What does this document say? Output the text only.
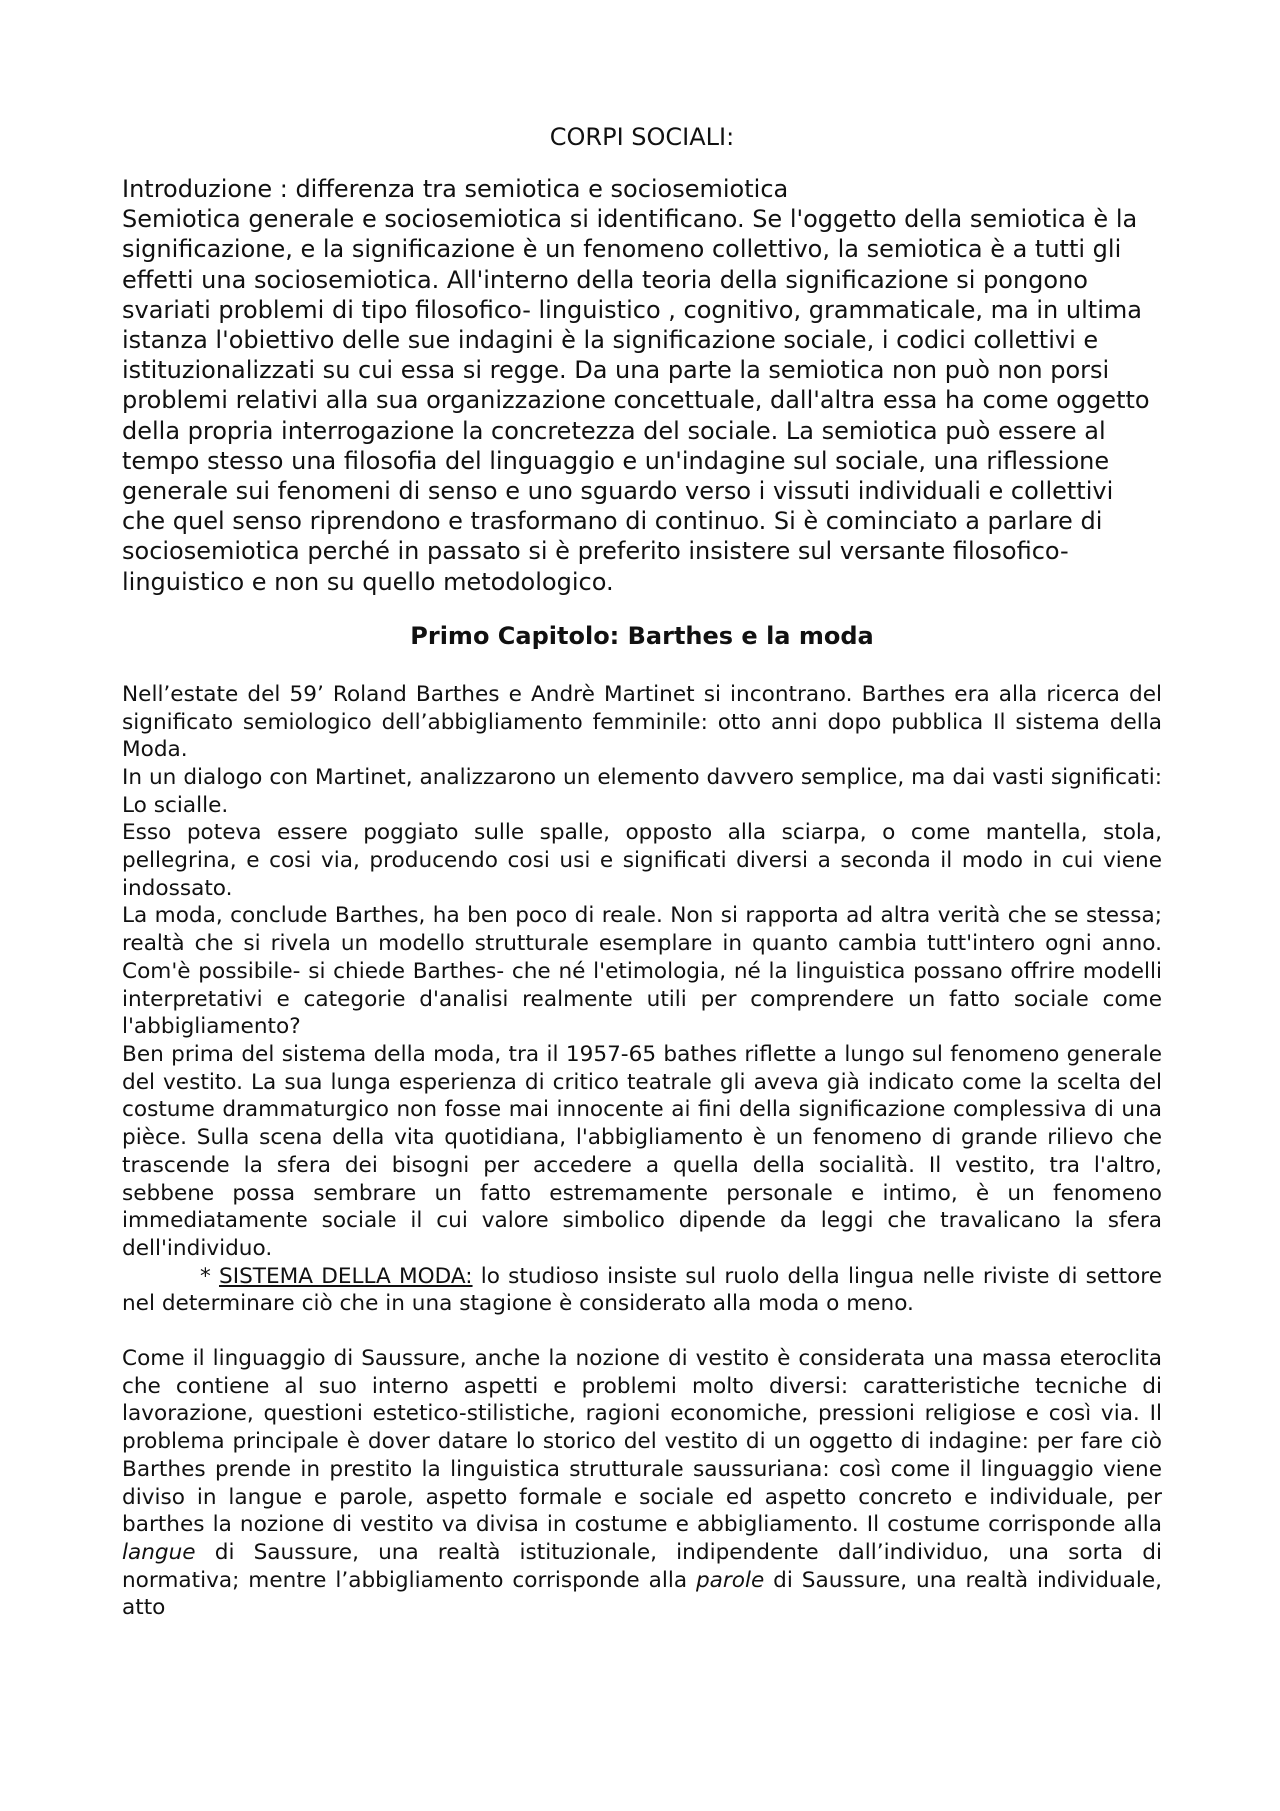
CORPI SOCIALI:

Introduzione : differenza tra semiotica e sociosemiotica

Semiotica generale e sociosemiotica si identificano. Se l'oggetto della semiotica è la significazione, e la significazione è un fenomeno collettivo, la semiotica è a tutti gli effetti una sociosemiotica. All'interno della teoria della significazione si pongono svariati problemi di tipo filosofico- linguistico , cognitivo, grammaticale, ma in ultima istanza l'obiettivo delle sue indagini è la significazione sociale, i codici collettivi e istituzionalizzati su cui essa si regge. Da una parte la semiotica non può non porsi problemi relativi alla sua organizzazione concettuale, dall'altra essa ha come oggetto della propria interrogazione la concretezza del sociale. La semiotica può essere al tempo stesso una filosofia del linguaggio e un'indagine sul sociale, una riflessione generale sui fenomeni di senso e uno sguardo verso i vissuti individuali e collettivi che quel senso riprendono e trasformano di continuo. Si è cominciato a parlare di sociosemiotica perché in passato si è preferito insistere sul versante filosofico-linguistico e non su quello metodologico.

Primo Capitolo: Barthes e la moda

Nell’estate del 59’ Roland Barthes e Andrè Martinet si incontrano. Barthes era alla ricerca del significato semiologico dell’abbigliamento femminile: otto anni dopo pubblica Il sistema della Moda.

In un dialogo con Martinet, analizzarono un elemento davvero semplice, ma dai vasti significati: Lo scialle.

Esso poteva essere poggiato sulle spalle, opposto alla sciarpa, o come mantella, stola, pellegrina, e cosi via, producendo cosi usi e significati diversi a seconda il modo in cui viene indossato.

La moda, conclude Barthes, ha ben poco di reale. Non si rapporta ad altra verità che se stessa; realtà che si rivela un modello strutturale esemplare in quanto cambia tutt'intero ogni anno. Com'è possibile- si chiede Barthes- che né l'etimologia, né la linguistica possano offrire modelli interpretativi e categorie d'analisi realmente utili per comprendere un fatto sociale come l'abbigliamento?

Ben prima del sistema della moda, tra il 1957-65 bathes riflette a lungo sul fenomeno generale del vestito. La sua lunga esperienza di critico teatrale gli aveva già indicato come la scelta del costume drammaturgico non fosse mai innocente ai fini della significazione complessiva di una pièce. Sulla scena della vita quotidiana, l'abbigliamento è un fenomeno di grande rilievo che trascende la sfera dei bisogni per accedere a quella della socialità. Il vestito, tra l'altro, sebbene possa sembrare un fatto estremamente personale e intimo, è un fenomeno immediatamente sociale il cui valore simbolico dipende da leggi che travalicano la sfera dell'individuo.

* SISTEMA DELLA MODA: lo studioso insiste sul ruolo della lingua nelle riviste di settore nel determinare ciò che in una stagione è considerato alla moda o meno.

Come il linguaggio di Saussure, anche la nozione di vestito è considerata una massa eteroclita che contiene al suo interno aspetti e problemi molto diversi: caratteristiche tecniche di lavorazione, questioni estetico-stilistiche, ragioni economiche, pressioni religiose e così via. Il problema principale è dover datare lo storico del vestito di un oggetto di indagine: per fare ciò Barthes prende in prestito la linguistica strutturale saussuriana: così come il linguaggio viene diviso in langue e parole, aspetto formale e sociale ed aspetto concreto e individuale, per barthes la nozione di vestito va divisa in costume e abbigliamento. Il costume corrisponde alla langue di Saussure, una realtà istituzionale, indipendente dall’individuo, una sorta di normativa; mentre l’abbigliamento corrisponde alla parole di Saussure, una realtà individuale, atto
